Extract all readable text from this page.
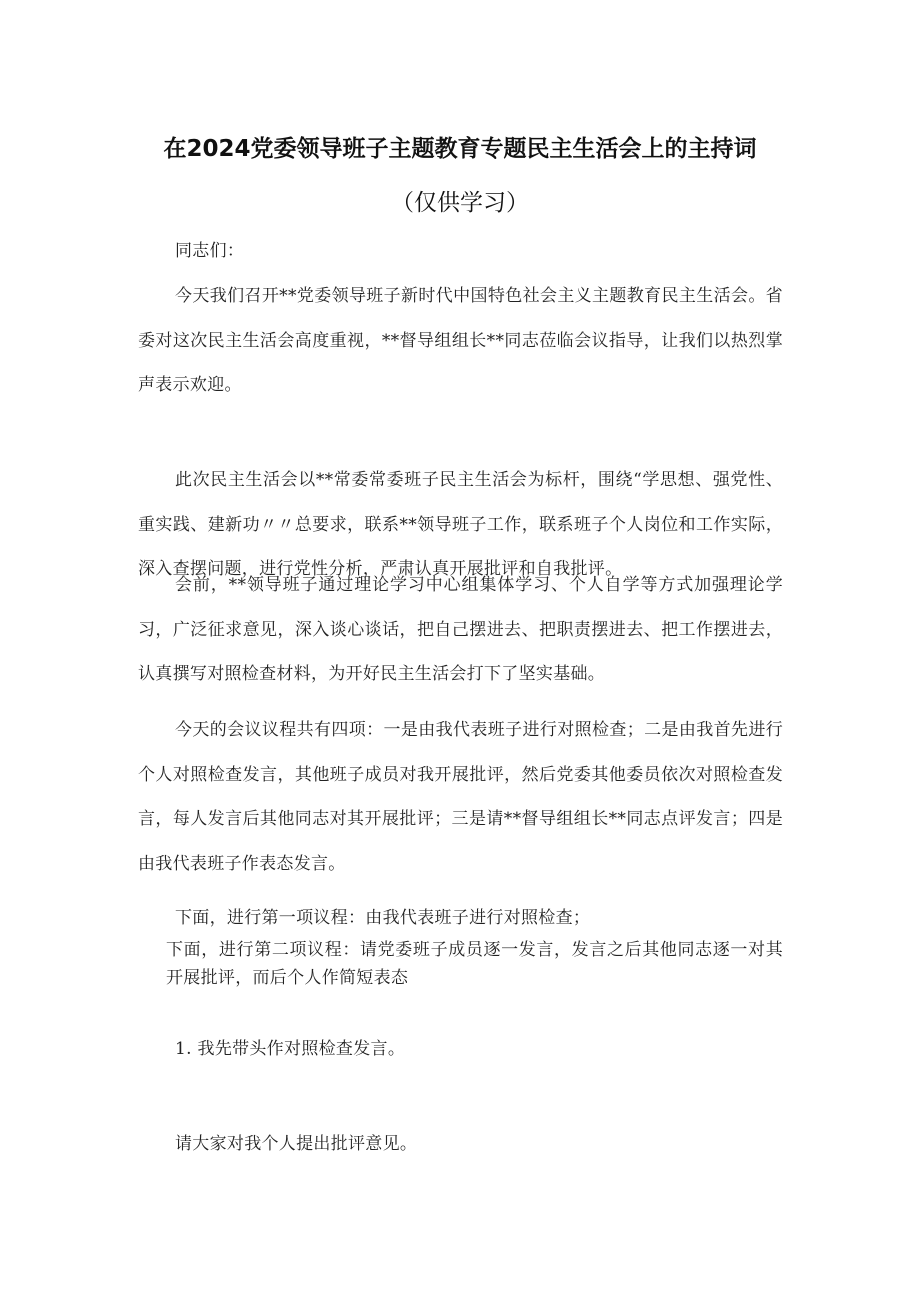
在2024党委领导班子主题教育专题民主生活会上的主持词
（仅供学习）
同志们：
今天我们召开**党委领导班子新时代中国特色社会主义主题教育民主生活会。省委对这次民主生活会高度重视，**督导组组长**同志莅临会议指导，让我们以热烈掌声表示欢迎。
此次民主生活会以**常委常委班子民主生活会为标杆，围绕“学思想、强党性、重实践、建新功〃〃总要求，联系**领导班子工作，联系班子个人岗位和工作实际，深入查摆问题，进行党性分析，严肃认真开展批评和自我批评。
会前，**领导班子通过理论学习中心组集体学习、个人自学等方式加强理论学习，广泛征求意见，深入谈心谈话，把自己摆进去、把职责摆进去、把工作摆进去，认真撰写对照检查材料，为开好民主生活会打下了坚实基础。
今天的会议议程共有四项：一是由我代表班子进行对照检查；二是由我首先进行个人对照检查发言，其他班子成员对我开展批评，然后党委其他委员依次对照检查发言，每人发言后其他同志对其开展批评；三是请**督导组组长**同志点评发言；四是由我代表班子作表态发言。
下面，进行第一项议程：由我代表班子进行对照检查；
下面，进行第二项议程：请党委班子成员逐一发言，发言之后其他同志逐一对其开展批评，而后个人作简短表态
1. 我先带头作对照检查发言。
请大家对我个人提出批评意见。
